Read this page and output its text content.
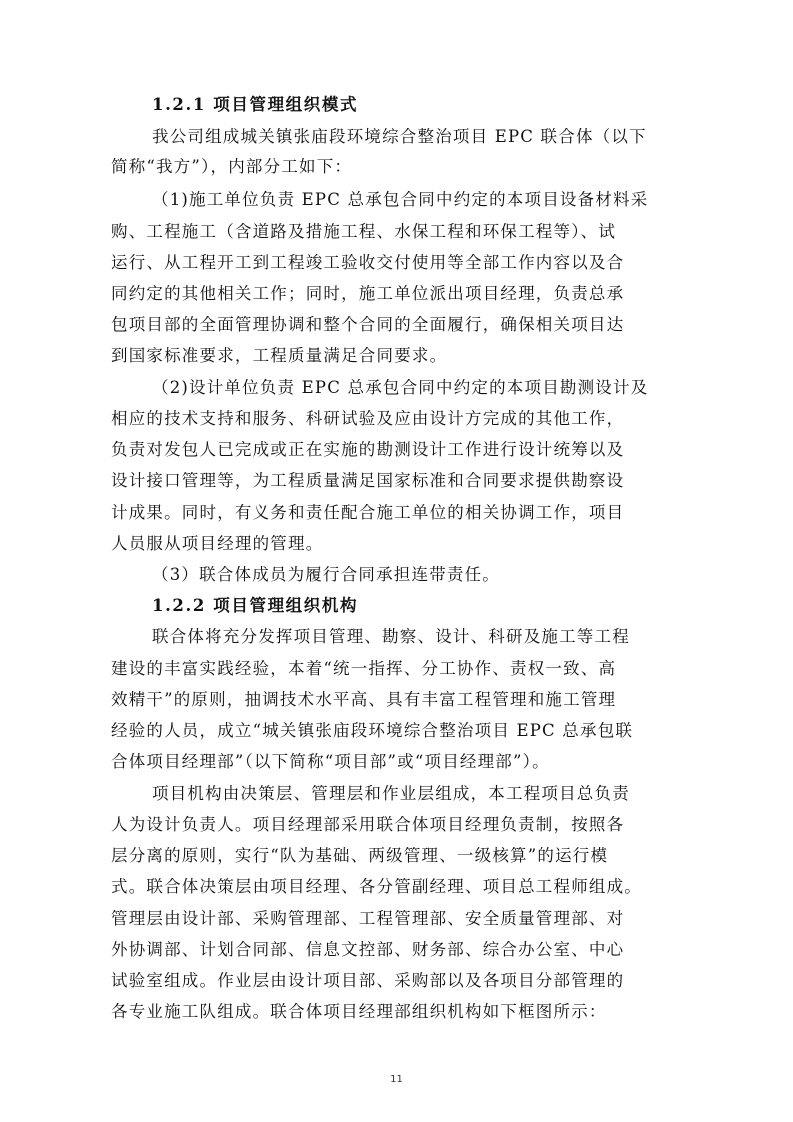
1.2.1 项目管理组织模式
我公司组成城关镇张庙段环境综合整治项目 EPC 联合体（以下
简称“我方”），内部分工如下：
（1)施工单位负责 EPC 总承包合同中约定的本项目设备材料采
购、工程施工（含道路及措施工程、水保工程和环保工程等）、试
运行、从工程开工到工程竣工验收交付使用等全部工作内容以及合
同约定的其他相关工作；同时，施工单位派出项目经理，负责总承
包项目部的全面管理协调和整个合同的全面履行，确保相关项目达
到国家标准要求，工程质量满足合同要求。
（2)设计单位负责 EPC 总承包合同中约定的本项目勘测设计及
相应的技术支持和服务、科研试验及应由设计方完成的其他工作，
负责对发包人已完成或正在实施的勘测设计工作进行设计统筹以及
设计接口管理等，为工程质量满足国家标准和合同要求提供勘察设
计成果。同时，有义务和责任配合施工单位的相关协调工作，项目
人员服从项目经理的管理。
（3）联合体成员为履行合同承担连带责任。
1.2.2 项目管理组织机构
联合体将充分发挥项目管理、勘察、设计、科研及施工等工程
建设的丰富实践经验，本着“统一指挥、分工协作、责权一致、高
效精干”的原则，抽调技术水平高、具有丰富工程管理和施工管理
经验的人员，成立“城关镇张庙段环境综合整治项目 EPC 总承包联
合体项目经理部”（以下简称“项目部”或“项目经理部”）。
项目机构由决策层、管理层和作业层组成，本工程项目总负责
人为设计负责人。项目经理部采用联合体项目经理负责制，按照各
层分离的原则，实行“队为基础、两级管理、一级核算”的运行模
式。联合体决策层由项目经理、各分管副经理、项目总工程师组成。
管理层由设计部、采购管理部、工程管理部、安全质量管理部、对
外协调部、计划合同部、信息文控部、财务部、综合办公室、中心
试验室组成。作业层由设计项目部、采购部以及各项目分部管理的
各专业施工队组成。联合体项目经理部组织机构如下框图所示：
11
